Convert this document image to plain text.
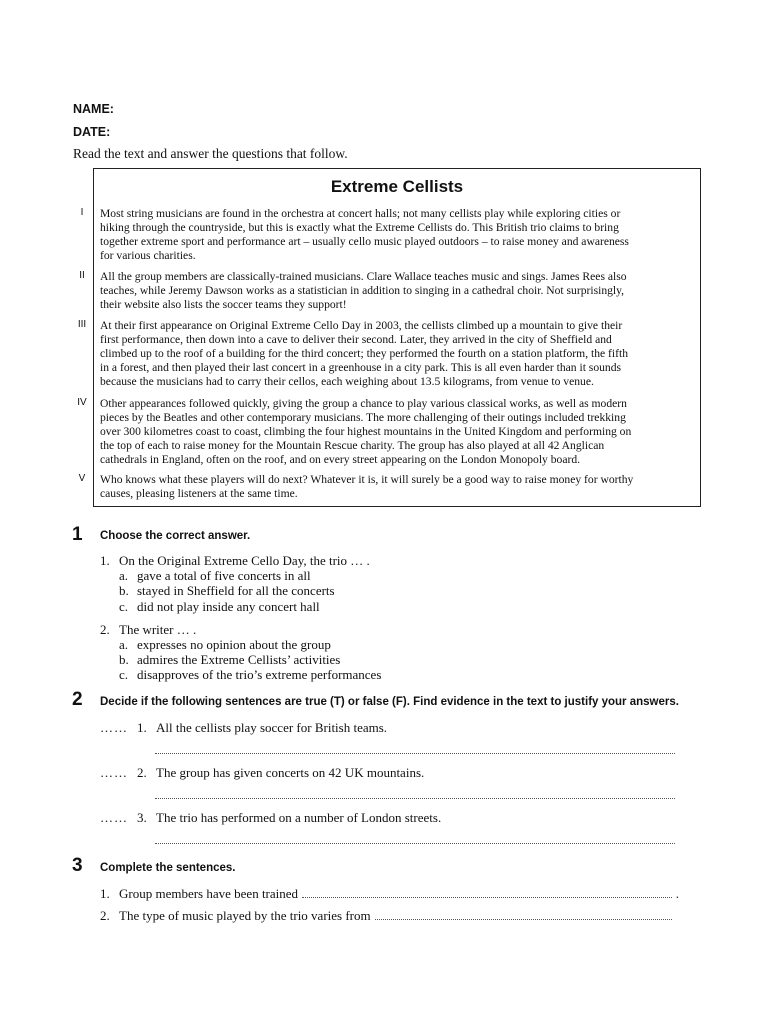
NAME:
DATE:
Read the text and answer the questions that follow.
Extreme Cellists

Most string musicians are found in the orchestra at concert halls; not many cellists play while exploring cities or

hiking through the countryside, but this is exactly what the Extreme Cellists do. This British trio claims to bring

together extreme sport and performance art – usually cello music played outdoors – to raise money and awareness

for various charities.

All the group members are classically-trained musicians. Clare Wallace teaches music and sings. James Rees also

teaches, while Jeremy Dawson works as a statistician in addition to singing in a cathedral choir. Not surprisingly,

their website also lists the soccer teams they support!

At their first appearance on Original Extreme Cello Day in 2003, the cellists climbed up a mountain to give their

first performance, then down into a cave to deliver their second. Later, they arrived in the city of Sheffield and

climbed up to the roof of a building for the third concert; they performed the fourth on a station platform, the fifth

in a forest, and then played their last concert in a greenhouse in a city park. This is all even harder than it sounds

because the musicians had to carry their cellos, each weighing about 13.5 kilograms, from venue to venue.

Other appearances followed quickly, giving the group a chance to play various classical works, as well as modern

pieces by the Beatles and other contemporary musicians. The more challenging of their outings included trekking

over 300 kilometres coast to coast, climbing the four highest mountains in the United Kingdom and performing on

the top of each to raise money for the Mountain Rescue charity. The group has also played at all 42 Anglican

cathedrals in England, often on the roof, and on every street appearing on the London Monopoly board.

Who knows what these players will do next? Whatever it is, it will surely be a good way to raise money for worthy

causes, pleasing listeners at the same time.

I
II
III
IV
V
1 Choose the correct answer.
1. On the Original Extreme Cello Day, the trio … .
a. gave a total of five concerts in all
b. stayed in Sheffield for all the concerts
c. did not play inside any concert hall
2. The writer … .
a. expresses no opinion about the group
b. admires the Extreme Cellists’ activities
c. disapproves of the trio’s extreme performances
2 Decide if the following sentences are true (T) or false (F). Find evidence in the text to justify your answers.
…… 1. All the cellists play soccer for British teams.
…… 2. The group has given concerts on 42 UK mountains.
…… 3. The trio has performed on a number of London streets.
3 Complete the sentences.
1. Group members have been trained	.
2. The type of music played by the trio varies from
